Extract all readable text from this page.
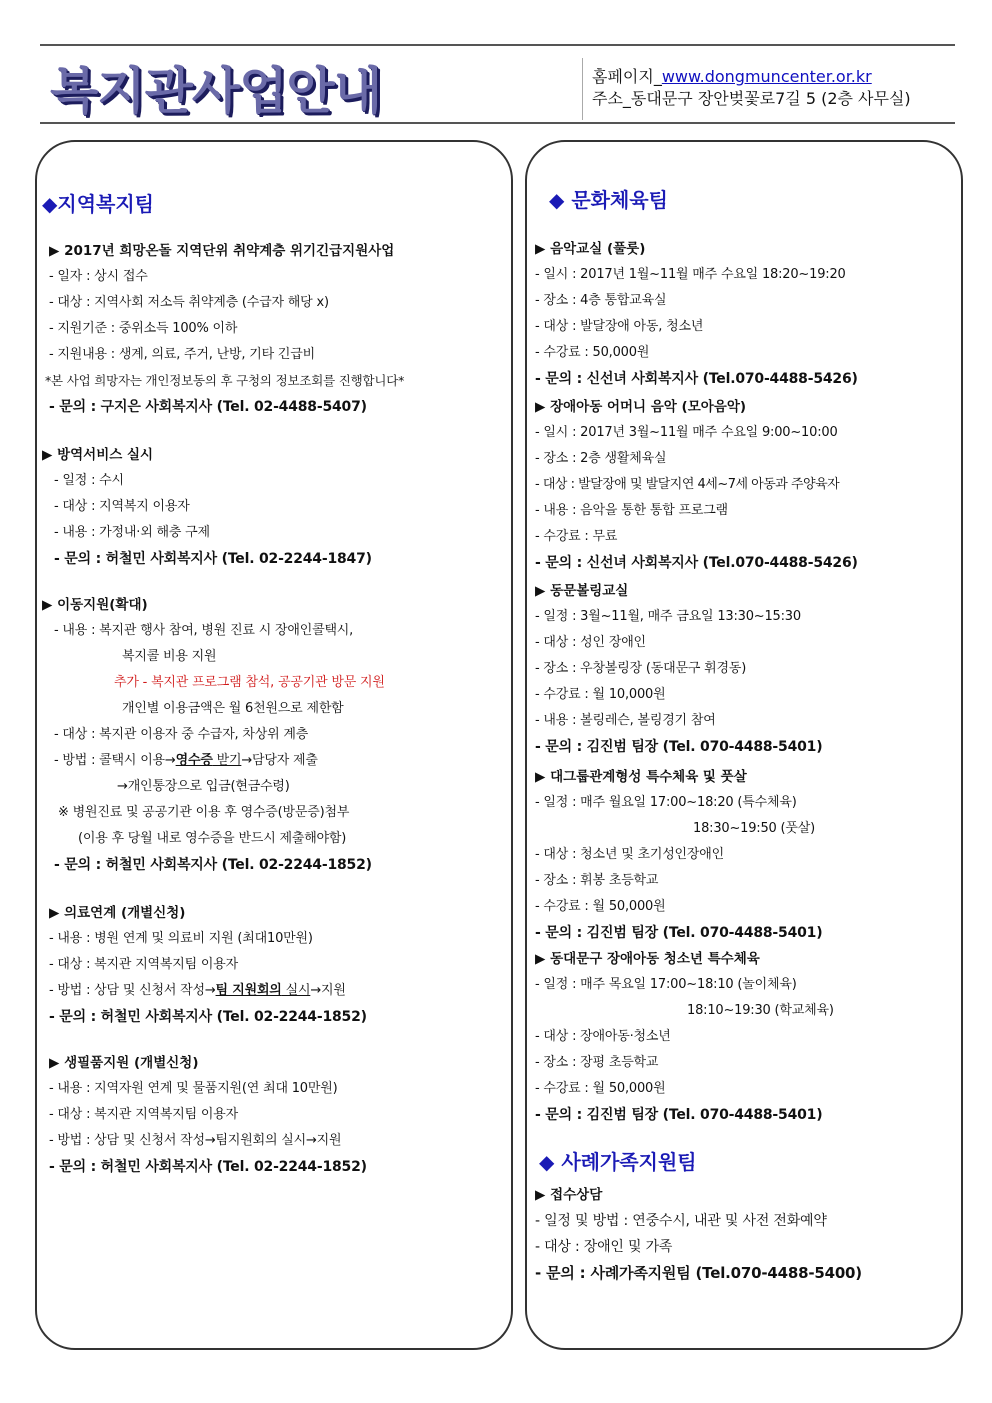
복지관사업안내	홈페이지_www.dongmuncenter.or.kr
주소_동대문구 장안벚꽃로7길 5 (2층 사무실)
◆지역복지팀
▶ 2017년 희망온돌 지역단위 취약계층 위기긴급지원사업
- 일자 : 상시 접수
- 대상 : 지역사회 저소득 취약계층 (수급자 해당 x)
- 지원기준 : 중위소득 100% 이하
- 지원내용 : 생계, 의료, 주거, 난방, 기타 긴급비
*본 사업 희망자는 개인정보동의 후 구청의 정보조회를 진행합니다*
- 문의 : 구지은 사회복지사 (Tel. 02-4488-5407)
▶ 방역서비스 실시
- 일정 : 수시
- 대상 : 지역복지 이용자
- 내용 : 가정내·외 해충 구제
- 문의 : 허철민 사회복지사 (Tel. 02-2244-1847)
▶ 이동지원(확대)
- 내용 : 복지관 행사 참여, 병원 진료 시 장애인콜택시,
복지콜 비용 지원
추가 - 복지관 프로그램 참석, 공공기관 방문 지원
개인별 이용금액은 월 6천원으로 제한함
- 대상 : 복지관 이용자 중 수급자, 차상위 계층
- 방법 : 콜택시 이용→영수증 받기→담당자 제출
→개인통장으로 입금(현금수령)
※ 병원진료 및 공공기관 이용 후 영수증(방문증)첨부
(이용 후 당월 내로 영수증을 반드시 제출해야함)
- 문의 : 허철민 사회복지사 (Tel. 02-2244-1852)
▶ 의료연계 (개별신청)
- 내용 : 병원 연계 및 의료비 지원 (최대10만원)
- 대상 : 복지관 지역복지팀 이용자
- 방법 : 상담 및 신청서 작성→팀 지원회의 실시→지원
- 문의 : 허철민 사회복지사 (Tel. 02-2244-1852)
▶ 생필품지원 (개별신청)
- 내용 : 지역자원 연계 및 물품지원(연 최대 10만원)
- 대상 : 복지관 지역복지팀 이용자
- 방법 : 상담 및 신청서 작성→팀지원회의 실시→지원
- 문의 : 허철민 사회복지사 (Tel. 02-2244-1852)
◆ 문화체육팀
▶ 음악교실 (풀룻)
- 일시 : 2017년 1월~11월 매주 수요일 18:20~19:20
- 장소 : 4층 통합교육실
- 대상 : 발달장애 아동, 청소년
- 수강료 : 50,000원
- 문의 : 신선녀 사회복지사 (Tel.070-4488-5426)
▶ 장애아동 어머니 음악 (모아음악)
- 일시 : 2017년 3월~11월 매주 수요일 9:00~10:00
- 장소 : 2층 생활체육실
- 대상 : 발달장애 및 발달지연 4세~7세 아동과 주양육자
- 내용 : 음악을 통한 통합 프로그램
- 수강료 : 무료
- 문의 : 신선녀 사회복지사 (Tel.070-4488-5426)
▶ 동문볼링교실
- 일정 : 3월~11월, 매주 금요일 13:30~15:30
- 대상 : 성인 장애인
- 장소 : 우창볼링장 (동대문구 휘경동)
- 수강료 : 월 10,000원
- 내용 : 볼링레슨, 볼링경기 참여
- 문의 : 김진범 팀장 (Tel. 070-4488-5401)
▶ 대그룹관계형성 특수체육 및 풋살
- 일정 : 매주 월요일 17:00~18:20 (특수체육)
18:30~19:50 (풋살)
- 대상 : 청소년 및 초기성인장애인
- 장소 : 휘봉 초등학교
- 수강료 : 월 50,000원
- 문의 : 김진범 팀장 (Tel. 070-4488-5401)
▶ 동대문구 장애아동 청소년 특수체육
- 일정 : 매주 목요일 17:00~18:10 (놀이체육)
18:10~19:30 (학교체육)
- 대상 : 장애아동·청소년
- 장소 : 장평 초등학교
- 수강료 : 월 50,000원
- 문의 : 김진범 팀장 (Tel. 070-4488-5401)
◆ 사례가족지원팀
▶ 접수상담
- 일정 및 방법 : 연중수시, 내관 및 사전 전화예약
- 대상 : 장애인 및 가족
- 문의 : 사례가족지원팀 (Tel.070-4488-5400)
